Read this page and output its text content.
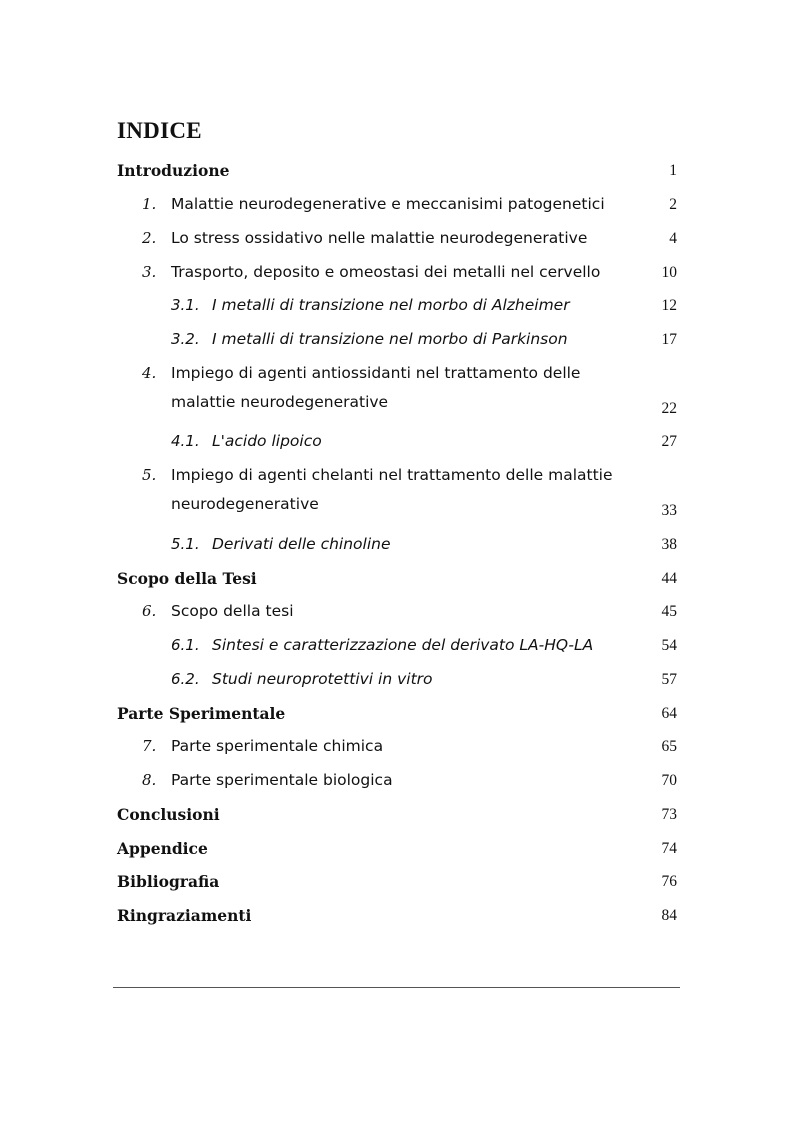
INDICE
Introduzione	1
1. Malattie neurodegenerative e meccanisimi patogenetici	2
2. Lo stress ossidativo nelle malattie neurodegenerative	4
3. Trasporto, deposito e omeostasi dei metalli nel cervello	10
3.1. I metalli di transizione nel morbo di Alzheimer	12
3.2. I metalli di transizione nel morbo di Parkinson	17
4. Impiego di agenti antiossidanti nel trattamento delle
malattie neurodegenerative	22
4.1. L'acido lipoico	27
5. Impiego di agenti chelanti nel trattamento delle malattie
neurodegenerative	33
5.1. Derivati delle chinoline	38
Scopo della Tesi	44
6. Scopo della tesi	45
6.1. Sintesi e caratterizzazione del derivato LA-HQ-LA	54
6.2. Studi neuroprotettivi in vitro	57
Parte Sperimentale	64
7. Parte sperimentale chimica	65
8. Parte sperimentale biologica	70
Conclusioni	73
Appendice	74
Bibliografia	76
Ringraziamenti	84
